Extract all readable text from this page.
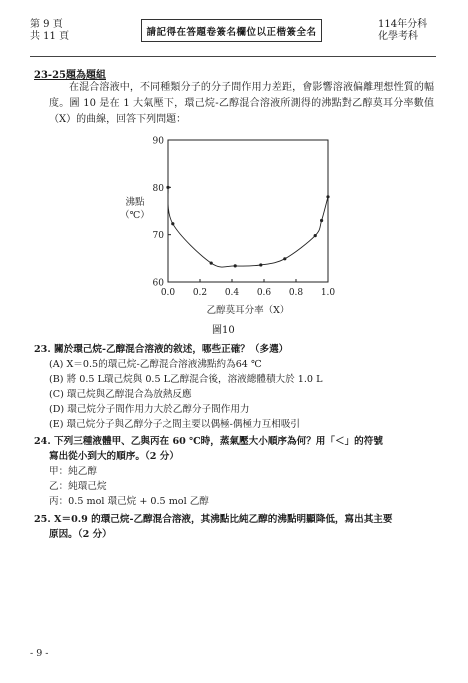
第 9 頁
共 11 頁	請記得在答題卷簽名欄位以正楷簽全名
114年分科
化學考科
23-25題為題組
在混合溶液中，不同種類分子的分子間作用力差距，會影響溶液偏離理想性質的幅度。圖 10 是在 1 大氣壓下，環己烷-乙醇混合溶液所測得的沸點對乙醇莫耳分率數值（X）的曲線，回答下列問題：
60
70
80
90
0.0 0.2 0.4 0.6 0.8 1.0
沸點
（℃）
乙醇莫耳分率（X）
圖10
23. 關於環己烷-乙醇混合溶液的敘述，哪些正確？（多選）
(A) X＝0.5的環己烷-乙醇混合溶液沸點約為64 ℃
(B) 將 0.5 L環己烷與 0.5 L乙醇混合後，溶液總體積大於 1.0 L
(C) 環己烷與乙醇混合為放熱反應
(D) 環己烷分子間作用力大於乙醇分子間作用力
(E) 環己烷分子與乙醇分子之間主要以偶極-偶極力互相吸引
24. 下列三種液體甲、乙與丙在 60 ℃時，蒸氣壓大小順序為何？用「＜」的符號
寫出從小到大的順序。（2 分）
甲：純乙醇
乙：純環己烷
丙：0.5 mol 環己烷 + 0.5 mol 乙醇
25. X＝0.9 的環己烷-乙醇混合溶液，其沸點比純乙醇的沸點明顯降低，寫出其主要
原因。（2 分）
- 9 -
